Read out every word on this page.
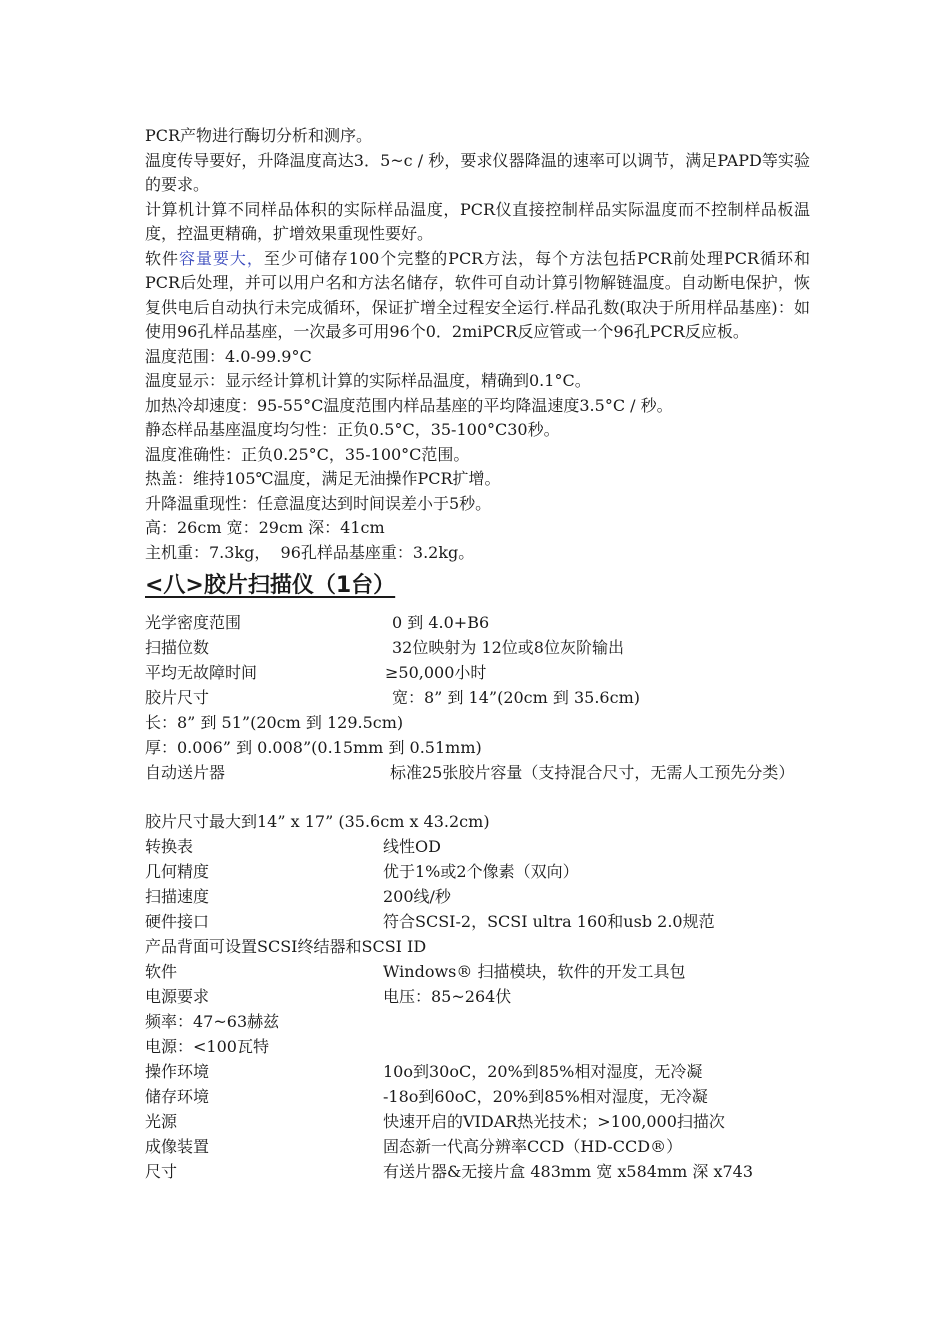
PCR产物进行酶切分析和测序。

温度传导要好，升降温度高达3．5~c / 秒，要求仪器降温的速率可以调节，满足PAPD等实验的要求。

计算机计算不同样品体积的实际样品温度，PCR仪直接控制样品实际温度而不控制样品板温度，控温更精确，扩增效果重现性要好。

软件容量要大，至少可储存100个完整的PCR方法，每个方法包括PCR前处理PCR循环和PCR后处理，并可以用户名和方法名储存，软件可自动计算引物解链温度。自动断电保护，恢复供电后自动执行未完成循环，保证扩增全过程安全运行.样品孔数(取决于所用样品基座)：如使用96孔样品基座，一次最多可用96个0．2miPCR反应管或一个96孔PCR反应板。

温度范围：4.0-99.9°C

温度显示：显示经计算机计算的实际样品温度，精确到0.1°C。

加热冷却速度：95-55°C温度范围内样品基座的平均降温速度3.5°C / 秒。

静态样品基座温度均匀性：正负0.5°C，35-100°C30秒。

温度准确性：正负0.25°C，35-100°C范围。

热盖：维持105℃温度，满足无油操作PCR扩增。

升降温重现性：任意温度达到时间误差小于5秒。

高：26cm 宽：29cm 深：41cm

主机重：7.3kg，  96孔样品基座重：3.2kg。

<八>胶片扫描仪（1台）
光学密度范围	0 到 4.0+B6
扫描位数	32位映射为 12位或8位灰阶输出
平均无故障时间	≥50,000小时
胶片尺寸	宽：8” 到 14”(20cm 到 35.6cm)
长：8” 到 51”(20cm 到 129.5cm)
厚：0.006” 到 0.008”(0.15mm 到 0.51mm)
自动送片器	标准25张胶片容量（支持混合尺寸，无需人工预先分类）
胶片尺寸最大到14” x 17” (35.6cm x 43.2cm)
转换表	线性OD
几何精度	优于1%或2个像素（双向）
扫描速度	200线/秒
硬件接口	符合SCSI-2，SCSI ultra 160和usb 2.0规范
产品背面可设置SCSI终结器和SCSI ID
软件	Windows® 扫描模块，软件的开发工具包
电源要求	电压：85~264伏
频率：47~63赫兹
电源：<100瓦特
操作环境	10o到30oC，20%到85%相对湿度，无冷凝
储存环境	-18o到60oC，20%到85%相对湿度，无冷凝
光源	快速开启的VIDAR热光技术；>100,000扫描次
成像装置	固态新一代高分辨率CCD（HD-CCD®）
尺寸	有送片器&无接片盒 483mm 宽 x584mm 深 x743
